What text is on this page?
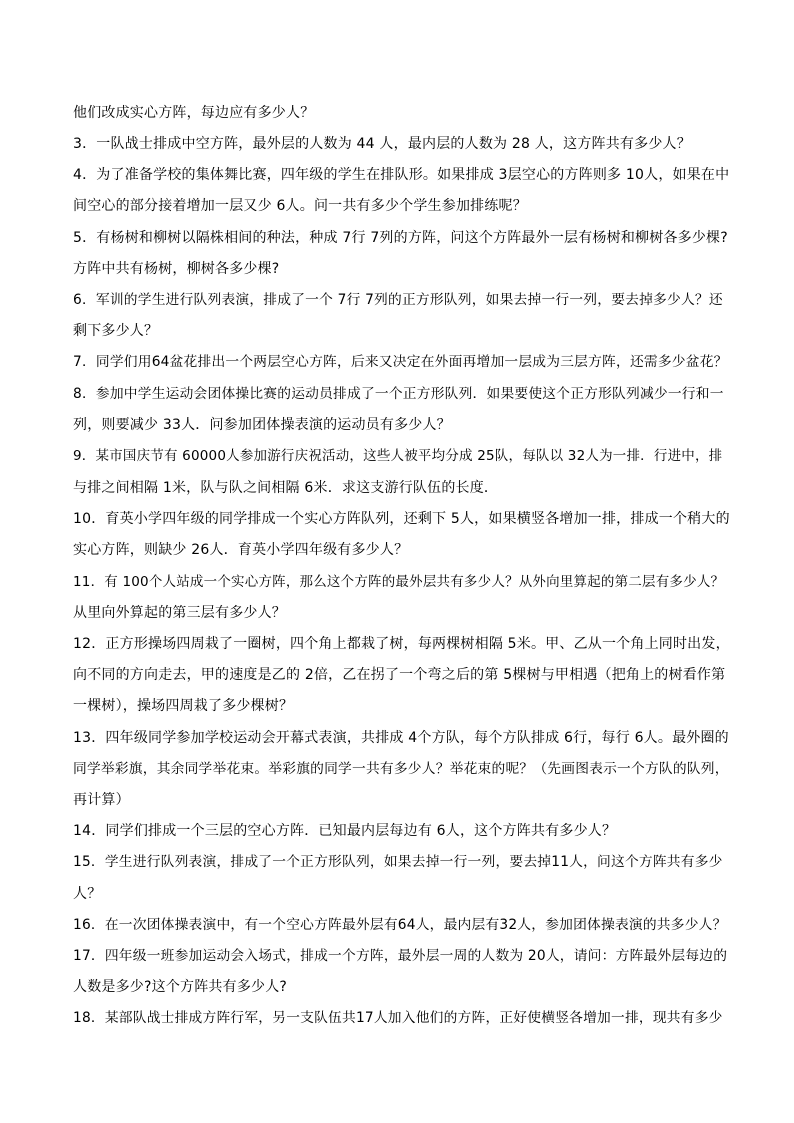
他们改成实心方阵，每边应有多少人？
3．一队战士排成中空方阵，最外层的人数为 44 人，最内层的人数为 28 人，这方阵共有多少人？
4．为了准备学校的集体舞比赛，四年级的学生在排队形。如果排成 3层空心的方阵则多 10人，如果在中
间空心的部分接着增加一层又少 6人。问一共有多少个学生参加排练呢？
5．有杨树和柳树以隔株相间的种法，种成 7行 7列的方阵，问这个方阵最外一层有杨树和柳树各多少棵?
方阵中共有杨树，柳树各多少棵?
6．军训的学生进行队列表演，排成了一个 7行 7列的正方形队列，如果去掉一行一列，要去掉多少人？还
剩下多少人？
7．同学们用64盆花排出一个两层空心方阵，后来又决定在外面再增加一层成为三层方阵，还需多少盆花？
8．参加中学生运动会团体操比赛的运动员排成了一个正方形队列．如果要使这个正方形队列减少一行和一
列，则要减少 33人．问参加团体操表演的运动员有多少人？
9．某市国庆节有 60000人参加游行庆祝活动，这些人被平均分成 25队，每队以 32人为一排．行进中，排
与排之间相隔 1米，队与队之间相隔 6米．求这支游行队伍的长度．
10．育英小学四年级的同学排成一个实心方阵队列，还剩下 5人，如果横竖各增加一排，排成一个稍大的
实心方阵，则缺少 26人．育英小学四年级有多少人？
11．有 100个人站成一个实心方阵，那么这个方阵的最外层共有多少人？从外向里算起的第二层有多少人？
从里向外算起的第三层有多少人？
12．正方形操场四周栽了一圈树，四个角上都栽了树，每两棵树相隔 5米。甲、乙从一个角上同时出发，
向不同的方向走去，甲的速度是乙的 2倍，乙在拐了一个弯之后的第 5棵树与甲相遇（把角上的树看作第
一棵树），操场四周栽了多少棵树？
13．四年级同学参加学校运动会开幕式表演，共排成 4个方队，每个方队排成 6行，每行 6人。最外圈的
同学举彩旗，其余同学举花束。举彩旗的同学一共有多少人？举花束的呢？（先画图表示一个方队的队列，
再计算）
14．同学们排成一个三层的空心方阵．已知最内层每边有 6人，这个方阵共有多少人？
15．学生进行队列表演，排成了一个正方形队列，如果去掉一行一列，要去掉11人，问这个方阵共有多少
人？
16．在一次团体操表演中，有一个空心方阵最外层有64人，最内层有32人，参加团体操表演的共多少人？
17．四年级一班参加运动会入场式，排成一个方阵，最外层一周的人数为 20人，请问：方阵最外层每边的
人数是多少?这个方阵共有多少人?
18．某部队战士排成方阵行军，另一支队伍共17人加入他们的方阵，正好使横竖各增加一排，现共有多少
